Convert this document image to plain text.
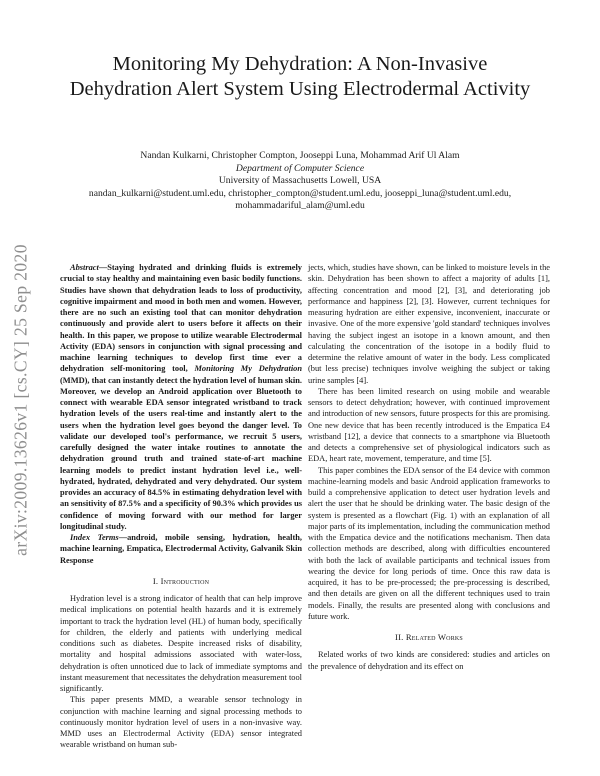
arXiv:2009.13626v1 [cs.CY] 25 Sep 2020
Monitoring My Dehydration: A Non-Invasive Dehydration Alert System Using Electrodermal Activity
Nandan Kulkarni, Christopher Compton, Jooseppi Luna, Mohammad Arif Ul Alam
Department of Computer Science
University of Massachusetts Lowell, USA
nandan_kulkarni@student.uml.edu, christopher_compton@student.uml.edu, jooseppi_luna@student.uml.edu,
mohammadariful_alam@uml.edu

Abstract—Staying hydrated and drinking fluids is extremely crucial to stay healthy and maintaining even basic bodily functions. Studies have shown that dehydration leads to loss of productivity, cognitive impairment and mood in both men and women. However, there are no such an existing tool that can monitor dehydration continuously and provide alert to users before it affects on their health. In this paper, we propose to utilize wearable Electrodermal Activity (EDA) sensors in conjunction with signal processing and machine learning techniques to develop first time ever a dehydration self-monitoring tool, Monitoring My Dehydration (MMD), that can instantly detect the hydration level of human skin. Moreover, we develop an Android application over Bluetooth to connect with wearable EDA sensor integrated wristband to track hydration levels of the users real-time and instantly alert to the users when the hydration level goes beyond the danger level. To validate our developed tool's performance, we recruit 5 users, carefully designed the water intake routines to annotate the dehydration ground truth and trained state-of-art machine learning models to predict instant hydration level i.e., well-hydrated, hydrated, dehydrated and very dehydrated. Our system provides an accuracy of 84.5% in estimating dehydration level with an sensitivity of 87.5% and a specificity of 90.3% which provides us confidence of moving forward with our method for larger longitudinal study.

Index Terms—android, mobile sensing, hydration, health, machine learning, Empatica, Electrodermal Activity, Galvanik Skin Response

I. Introduction

Hydration level is a strong indicator of health that can help improve medical implications on potential health hazards and it is extremely important to track the hydration level (HL) of human body, specifically for children, the elderly and patients with underlying medical conditions such as diabetes. Despite increased risks of disability, mortality and hospital admissions associated with water-loss, dehydration is often unnoticed due to lack of immediate symptoms and instant measurement that necessitates the dehydration measurement tool significantly.

This paper presents MMD, a wearable sensor technology in conjunction with machine learning and signal processing methods to continuously monitor hydration level of users in a non-invasive way. MMD uses an Electrodermal Activity (EDA) sensor integrated wearable wristband on human sub-

jects, which, studies have shown, can be linked to moisture levels in the skin. Dehydration has been shown to affect a majority of adults [1], affecting concentration and mood [2], [3], and deteriorating job performance and happiness [2], [3]. However, current techniques for measuring hydration are either expensive, inconvenient, inaccurate or invasive. One of the more expensive 'gold standard' techniques involves having the subject ingest an isotope in a known amount, and then calculating the concentration of the isotope in a bodily fluid to determine the relative amount of water in the body. Less complicated (but less precise) techniques involve weighing the subject or taking urine samples [4].

There has been limited research on using mobile and wearable sensors to detect dehydration; however, with continued improvement and introduction of new sensors, future prospects for this are promising. One new device that has been recently introduced is the Empatica E4 wristband [12], a device that connects to a smartphone via Bluetooth and detects a comprehensive set of physiological indicators such as EDA, heart rate, movement, temperature, and time [5].

This paper combines the EDA sensor of the E4 device with common machine-learning models and basic Android application frameworks to build a comprehensive application to detect user hydration levels and alert the user that he should be drinking water. The basic design of the system is presented as a flowchart (Fig. 1) with an explanation of all major parts of its implementation, including the communication method with the Empatica device and the notifications mechanism. Then data collection methods are described, along with difficulties encountered with both the lack of available participants and technical issues from wearing the device for long periods of time. Once this raw data is acquired, it has to be pre-processed; the pre-processing is described, and then details are given on all the different techniques used to train models. Finally, the results are presented along with conclusions and future work.

II. Related Works

Related works of two kinds are considered: studies and articles on the prevalence of dehydration and its effect on
